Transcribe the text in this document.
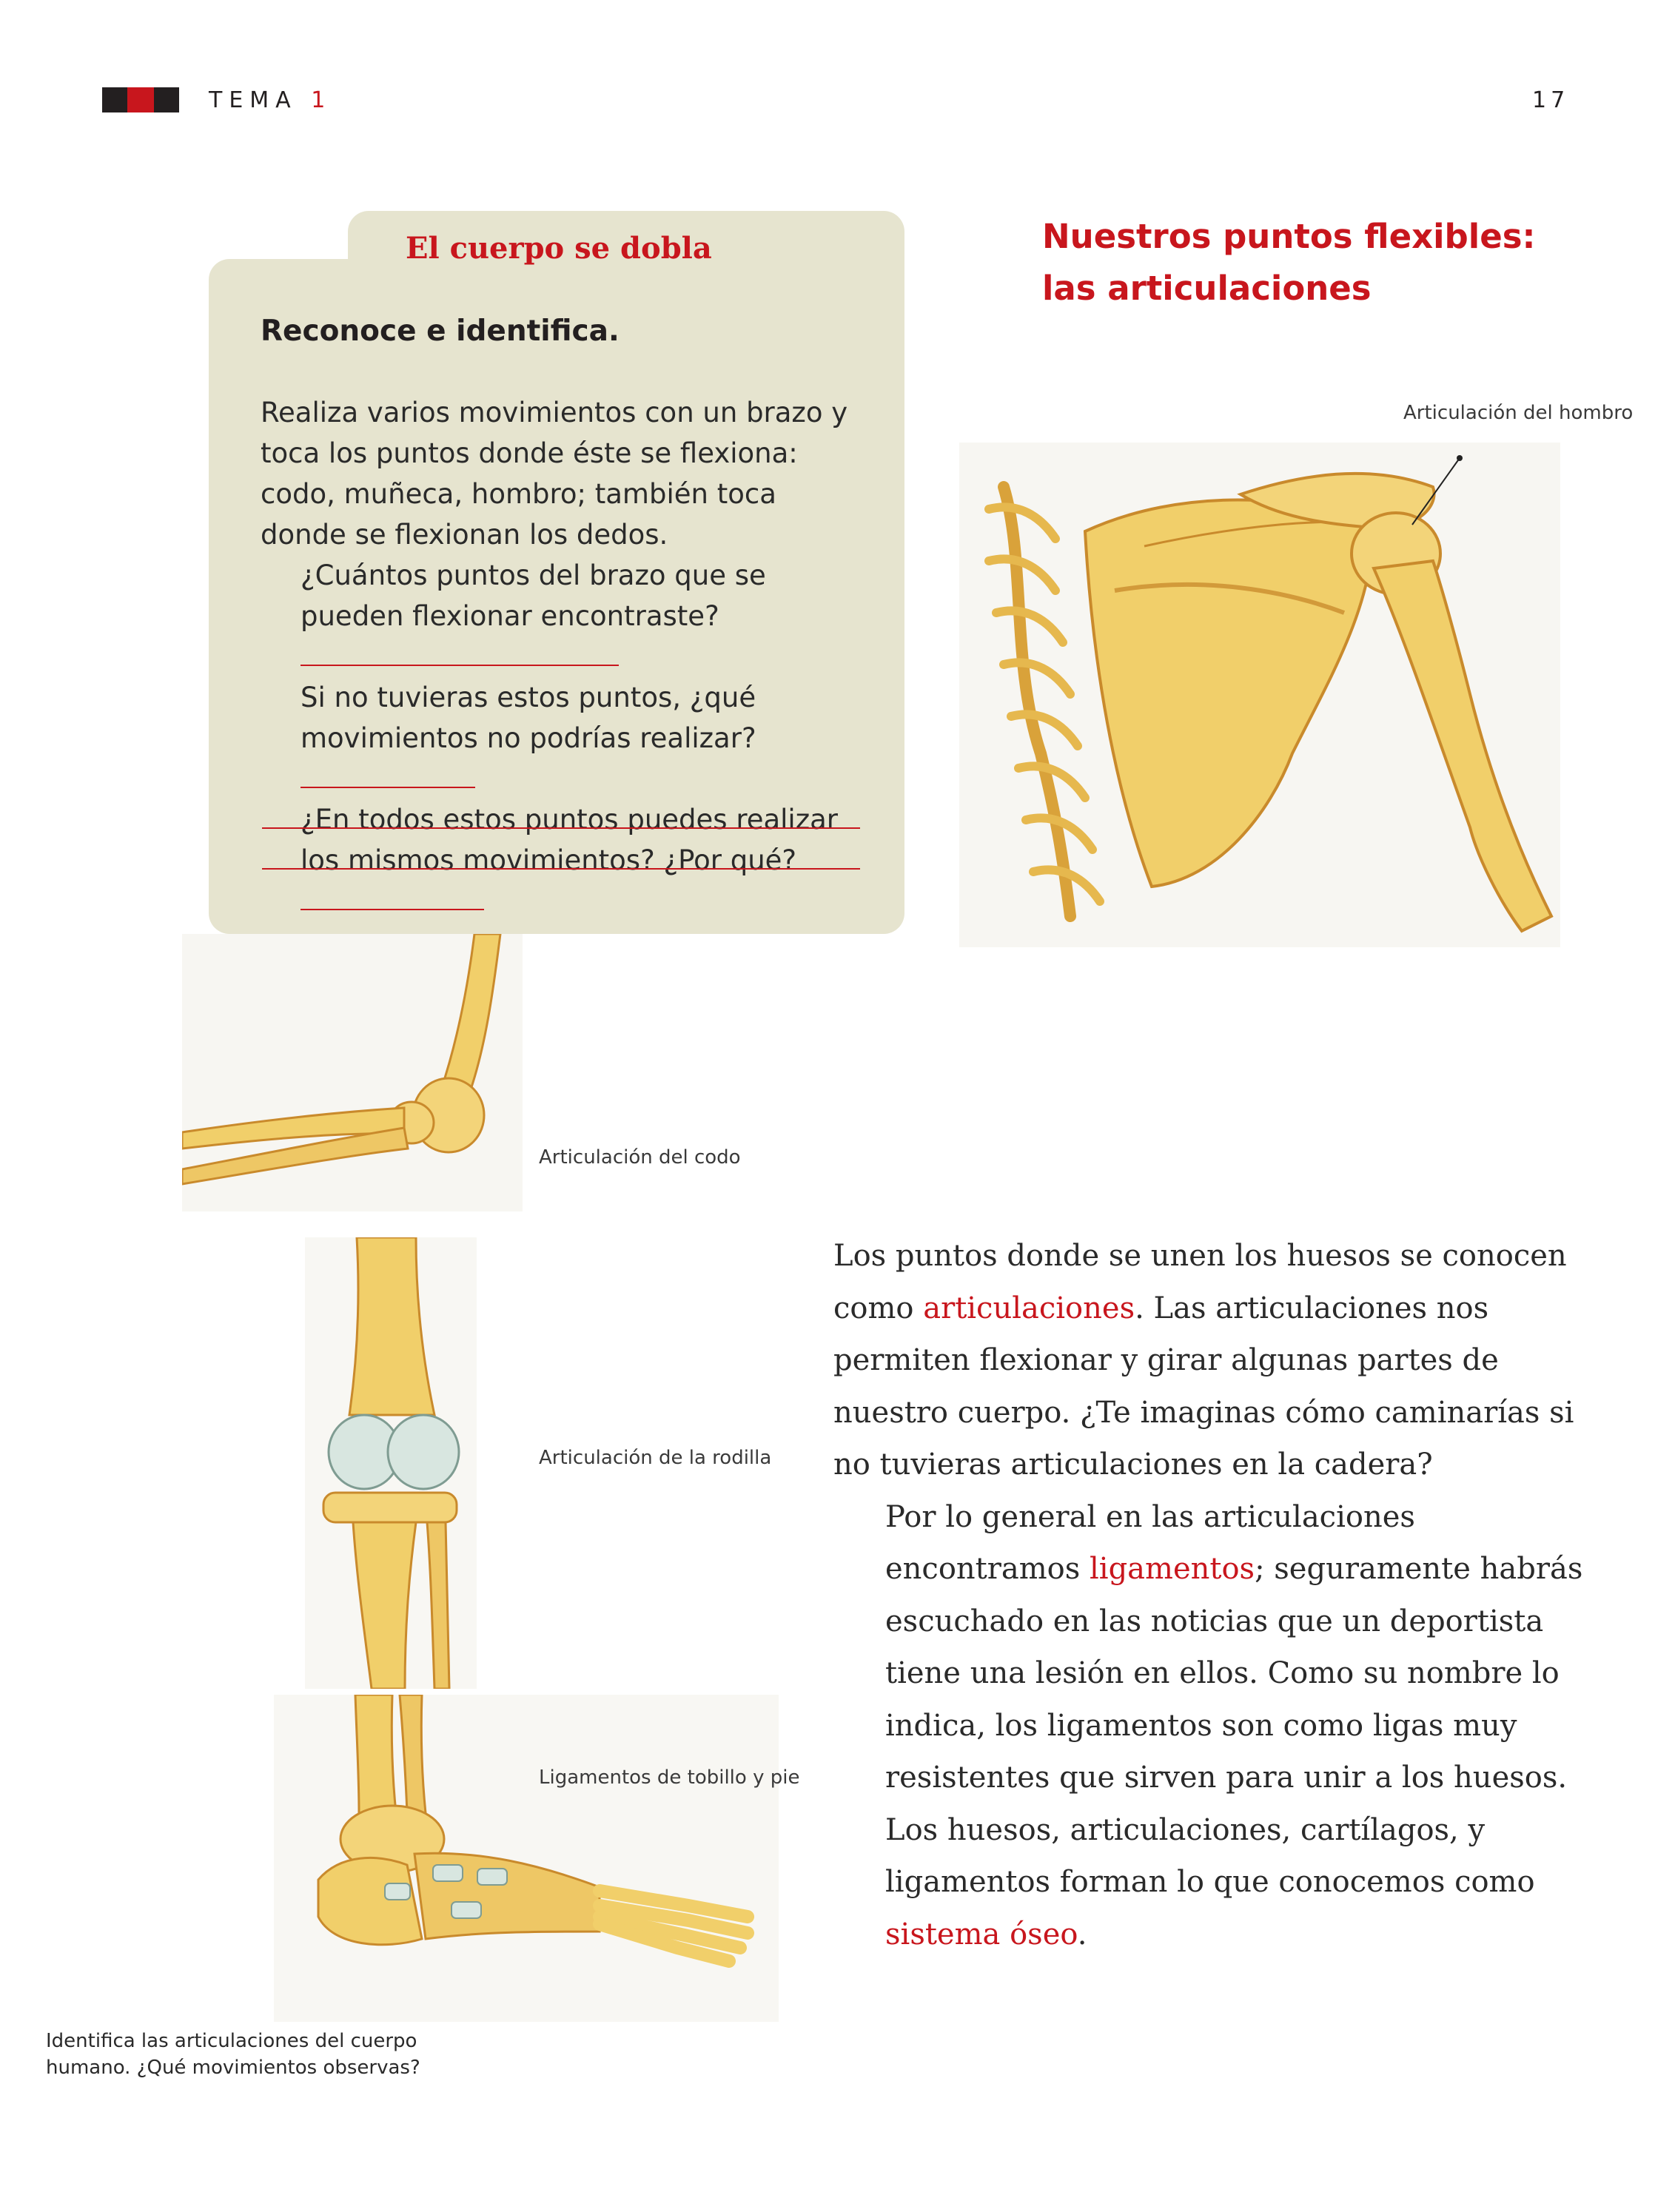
TEMA 1	17
El cuerpo se dobla
Reconoce e identifica.

Realiza varios movimientos con un brazo y toca los puntos donde éste se flexiona: codo, muñeca, hombro; también toca donde se flexionan los dedos.

¿Cuántos puntos del brazo que se pueden flexionar encontraste?

Si no tuvieras estos puntos, ¿qué movimientos no podrías realizar?

¿En todos estos puntos puedes realizar los mismos movimientos? ¿Por qué?

Nuestros puntos flexibles:
las articulaciones
Articulación del hombro
Articulación del codo
Articulación de la rodilla
Ligamentos de tobillo y pie

Los puntos donde se unen los huesos se conocen como articulaciones. Las articulaciones nos permiten flexionar y girar algunas partes de nuestro cuerpo. ¿Te imaginas cómo caminarías si no tuvieras articulaciones en la cadera?

Por lo general en las articulaciones encontramos ligamentos; seguramente habrás escuchado en las noticias que un deportista tiene una lesión en ellos. Como su nombre lo indica, los ligamentos son como ligas muy resistentes que sirven para unir a los huesos.

Los huesos, articulaciones, cartílagos, y ligamentos forman lo que conocemos como sistema óseo.

Identifica las articulaciones del cuerpo humano. ¿Qué movimientos observas?
